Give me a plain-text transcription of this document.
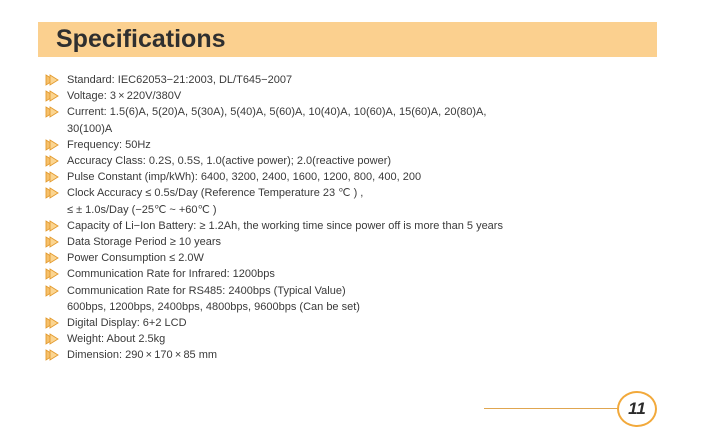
Specifications
Standard: IEC62053−21:2003, DL/T645−2007
Voltage: 3 × 220V/380V
Current: 1.5(6)A, 5(20)A, 5(30A), 5(40)A, 5(60)A, 10(40)A, 10(60)A, 15(60)A, 20(80)A,
30(100)A
Frequency: 50Hz
Accuracy Class: 0.2S, 0.5S, 1.0(active power); 2.0(reactive power)
Pulse Constant (imp/kWh): 6400, 3200, 2400, 1600, 1200, 800, 400, 200
Clock Accuracy ≤ 0.5s/Day (Reference Temperature 23 ℃ ) ,
≤ ± 1.0s/Day (−25℃ ~ +60℃ )
Capacity of Li−Ion Battery: ≥ 1.2Ah, the working time since power off is more than 5 years
Data Storage Period ≥ 10 years
Power Consumption ≤ 2.0W
Communication Rate for Infrared: 1200bps
Communication Rate for RS485: 2400bps (Typical Value)
600bps, 1200bps, 2400bps, 4800bps, 9600bps (Can be set)
Digital Display: 6+2 LCD
Weight: About 2.5kg
Dimension: 290 × 170 × 85 mm
11
